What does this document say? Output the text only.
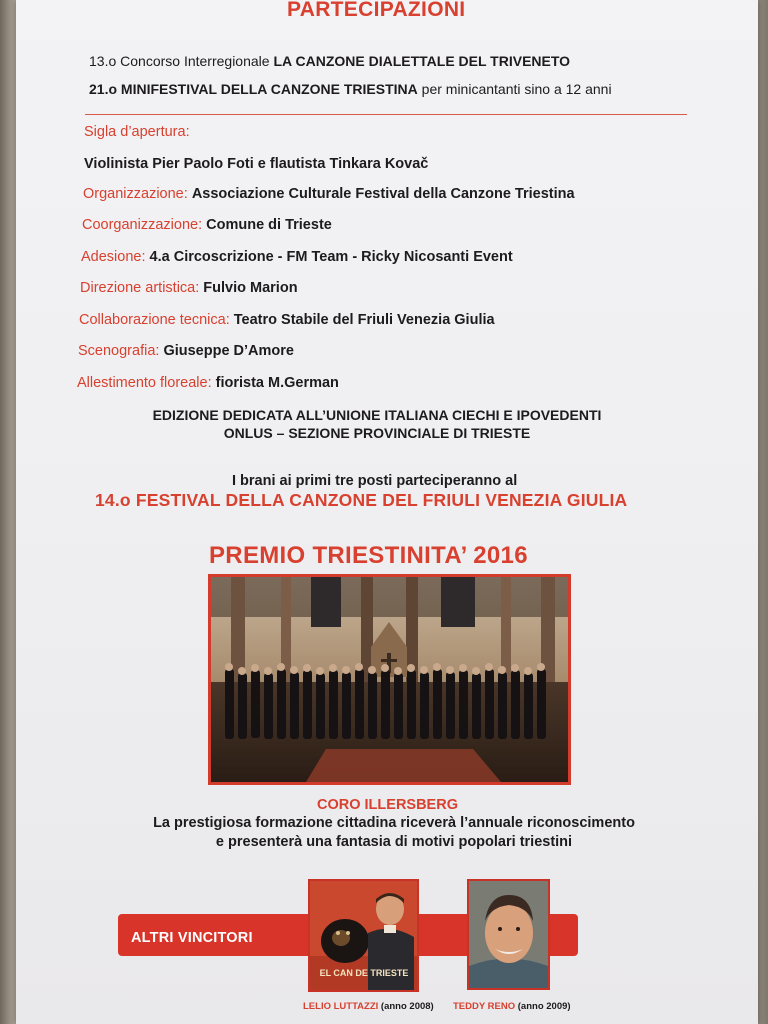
PARTECIPAZIONI
13.o Concorso Interregionale LA CANZONE DIALETTALE DEL TRIVENETO
21.o MINIFESTIVAL DELLA CANZONE TRIESTINA per minicantanti sino a 12 anni
Sigla d’apertura:
Violinista Pier Paolo Foti e flautista Tinkara Kovač
Organizzazione: Associazione Culturale Festival della Canzone Triestina
Coorganizzazione: Comune di Trieste
Adesione: 4.a Circoscrizione - FM Team - Ricky Nicosanti Event
Direzione artistica: Fulvio Marion
Collaborazione tecnica: Teatro Stabile del Friuli Venezia Giulia
Scenografia: Giuseppe D’Amore
Allestimento floreale: fiorista M.German
EDIZIONE DEDICATA ALL’UNIONE ITALIANA CIECHI E IPOVEDENTI
ONLUS – SEZIONE PROVINCIALE DI TRIESTE
I brani ai primi tre posti parteciperanno al
14.o FESTIVAL DELLA CANZONE DEL FRIULI VENEZIA GIULIA
PREMIO TRIESTINITA’ 2016
CORO ILLERSBERG
La prestigiosa formazione cittadina riceverà l’annuale riconoscimento
e presenterà una fantasia di motivi popolari triestini
ALTRI VINCITORI
EL CAN DE TRIESTE
LELIO LUTTAZZI (anno 2008) TEDDY RENO (anno 2009)
